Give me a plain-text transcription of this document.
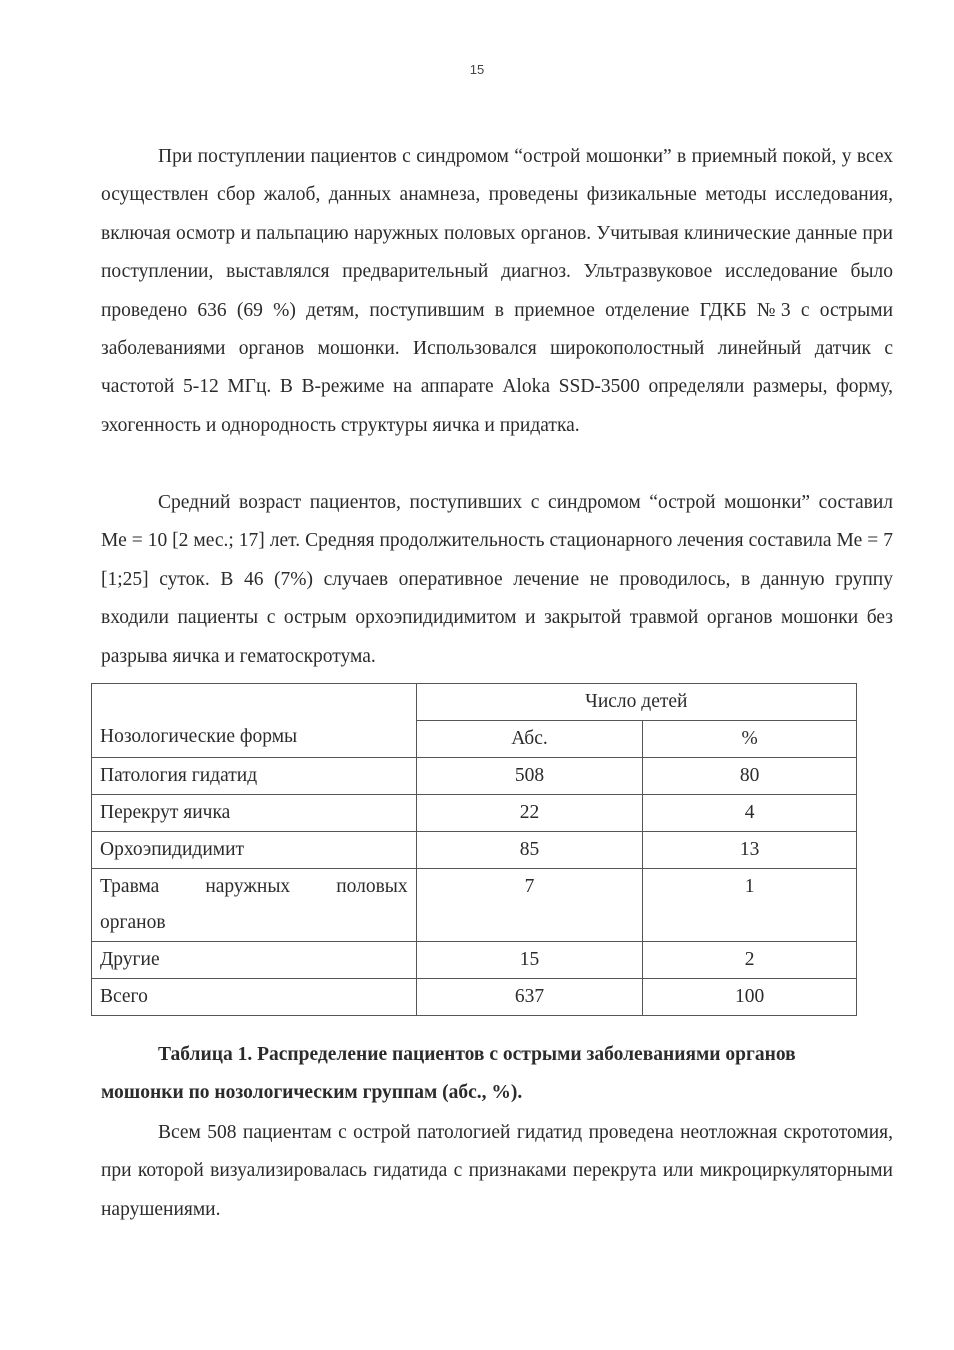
15

При поступлении пациентов с синдромом “острой мошонки” в приемный покой, у всех осуществлен сбор жалоб, данных анамнеза, проведены физикальные методы исследования, включая осмотр и пальпацию наружных половых органов. Учитывая клинические данные при поступлении, выставлялся предварительный диагноз. Ультразвуковое исследование было проведено 636 (69 %) детям, поступившим в приемное отделение ГДКБ №3 с острыми заболеваниями органов мошонки. Использовался широкополостный линейный датчик с частотой 5-12 МГц. В В-режиме на аппарате Aloka SSD-3500 определяли размеры, форму, эхогенность и однородность структуры яичка и придатка.

Средний возраст пациентов, поступивших с синдромом “острой мошонки” составил Ме = 10 [2 мес.; 17] лет. Средняя продолжительность стационарного лечения составила Ме = 7 [1;25] суток. В 46 (7%) случаев оперативное лечение не проводилось, в данную группу входили пациенты с острым орхоэпидидимитом и закрытой травмой органов мошонки без разрыва яичка и гематоскротума.

Нозологические формы	Число детей	
	Абс.	%
Патология гидатид	508	80
Перекрут яичка	22	4
Орхоэпидидимит	85	13

Травма наружных половых
органов	7	1
Другие	15	2
Всего	637	100
Таблица 1. Распределение пациентов с острыми заболеваниями органов
мошонки по нозологическим группам (абс., %).

Всем 508 пациентам с острой патологией гидатид проведена неотложная скрототомия, при которой визуализировалась гидатида с признаками перекрута или микроциркуляторными нарушениями.
